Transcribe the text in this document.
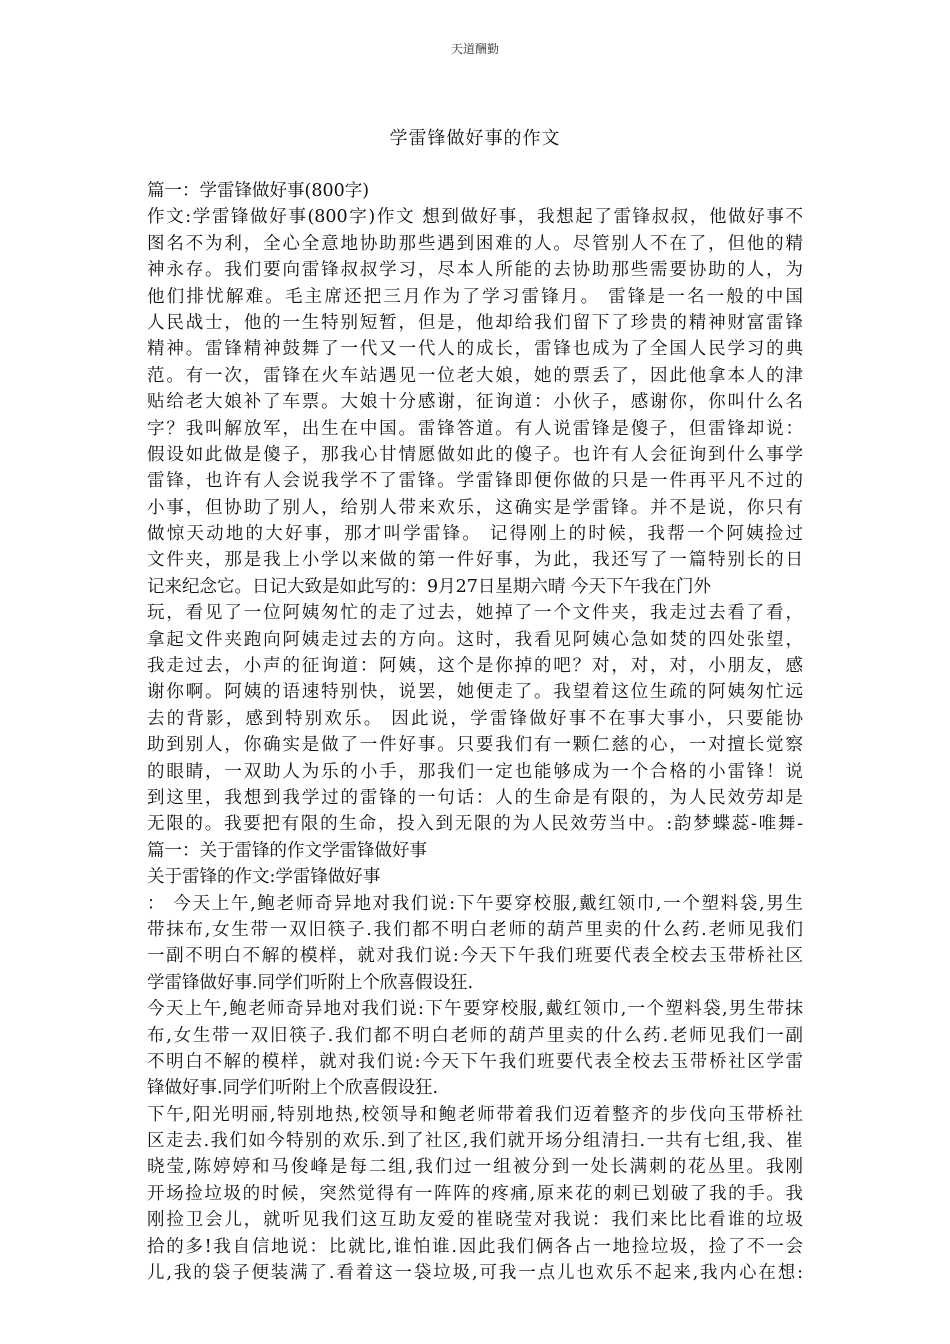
天道酬勤
学雷锋做好事的作文
篇一：学雷锋做好事(800字)
作文:学雷锋做好事(800字)作文 想到做好事，我想起了雷锋叔叔，他做好事不
图名不为利，全心全意地协助那些遇到困难的人。尽管别人不在了，但他的精
神永存。我们要向雷锋叔叔学习，尽本人所能的去协助那些需要协助的人，为
他们排忧解难。毛主席还把三月作为了学习雷锋月。 雷锋是一名一般的中国
人民战士，他的一生特别短暂，但是，他却给我们留下了珍贵的精神财富雷锋
精神。雷锋精神鼓舞了一代又一代人的成长，雷锋也成为了全国人民学习的典
范。有一次，雷锋在火车站遇见一位老大娘，她的票丢了，因此他拿本人的津
贴给老大娘补了车票。大娘十分感谢，征询道：小伙子，感谢你，你叫什么名
字？我叫解放军，出生在中国。雷锋答道。有人说雷锋是傻子，但雷锋却说：
假设如此做是傻子，那我心甘情愿做如此的傻子。也许有人会征询到什么事学
雷锋，也许有人会说我学不了雷锋。学雷锋即便你做的只是一件再平凡不过的
小事，但协助了别人，给别人带来欢乐，这确实是学雷锋。并不是说，你只有
做惊天动地的大好事，那才叫学雷锋。 记得刚上的时候，我帮一个阿姨捡过
文件夹，那是我上小学以来做的第一件好事，为此，我还写了一篇特别长的日
记来纪念它。日记大致是如此写的：9月27日星期六晴 今天下午我在门外
玩，看见了一位阿姨匆忙的走了过去，她掉了一个文件夹，我走过去看了看，
拿起文件夹跑向阿姨走过去的方向。这时，我看见阿姨心急如焚的四处张望，
我走过去，小声的征询道：阿姨，这个是你掉的吧？对，对，对，小朋友，感
谢你啊。阿姨的语速特别快，说罢，她便走了。我望着这位生疏的阿姨匆忙远
去的背影，感到特别欢乐。 因此说，学雷锋做好事不在事大事小，只要能协
助到别人，你确实是做了一件好事。只要我们有一颗仁慈的心，一对擅长觉察
的眼睛，一双助人为乐的小手，那我们一定也能够成为一个合格的小雷锋！说
到这里，我想到我学过的雷锋的一句话：人的生命是有限的，为人民效劳却是
无限的。我要把有限的生命，投入到无限的为人民效劳当中。:韵梦蝶蕊-唯舞-
篇一：关于雷锋的作文学雷锋做好事
关于雷锋的作文:学雷锋做好事
： 今天上午,鲍老师奇异地对我们说:下午要穿校服,戴红领巾,一个塑料袋,男生
带抹布,女生带一双旧筷子.我们都不明白老师的葫芦里卖的什么药.老师见我们
一副不明白不解的模样，就对我们说:今天下午我们班要代表全校去玉带桥社区
学雷锋做好事.同学们听附上个欣喜假设狂.
今天上午,鲍老师奇异地对我们说:下午要穿校服,戴红领巾,一个塑料袋,男生带抹
布,女生带一双旧筷子.我们都不明白老师的葫芦里卖的什么药.老师见我们一副
不明白不解的模样，就对我们说:今天下午我们班要代表全校去玉带桥社区学雷
锋做好事.同学们听附上个欣喜假设狂.
下午,阳光明丽,特别地热,校领导和鲍老师带着我们迈着整齐的步伐向玉带桥社
区走去.我们如今特别的欢乐.到了社区,我们就开场分组清扫.一共有七组,我、崔
晓莹,陈婷婷和马俊峰是每二组,我们过一组被分到一处长满刺的花丛里。我刚
开场捡垃圾的时候，突然觉得有一阵阵的疼痛,原来花的刺已划破了我的手。我
刚捡卫会儿，就听见我们这互助友爱的崔晓莹对我说：我们来比比看谁的垃圾
拾的多!我自信地说：比就比,谁怕谁.因此我们俩各占一地捡垃圾，捡了不一会
儿,我的袋子便装满了.看着这一袋垃圾,可我一点儿也欢乐不起来,我内心在想:
